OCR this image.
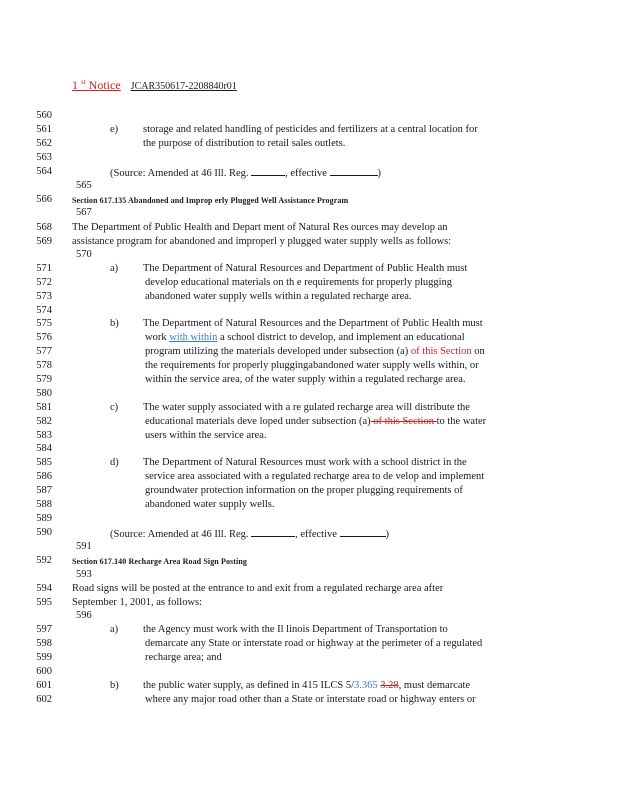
1 $^{st}$ Notice JCAR350617-2208840r01
560
561	e) storage and related handling of pesticides and fertilizers at a central location for
562	the purpose of distribution to retail sales outlets.
563
564	(Source: Amended at 46 Ill. Reg.	, effective	)
565
566	Section 617.135 Abandoned and Improp erly Plugged Well Assistance Program
567
568 The Department of Public Health and Depart ment of Natural Res ources may develop an
569 assistance program for abandoned and improperl y plugged water supply wells as follows:
570
571	a) The Department of Natural Resources and Department of Public Health must
572	develop educational materials on th e requirements for properly plugging
573	abandoned water supply wells within a regulated recharge area.
574
575	b) The Department of Natural Resources and the Department of Public Health must
576	work with within a school district to develop, and implement an educational
577	program utilizing the materials developed under subsection (a) of this Section on
578	the requirements for properly pluggingabandoned water supply wells within, or
579	within the service area, of the water supply within a regulated recharge area.
580
581	c) The water supply associated with a re gulated recharge area will distribute the
582	educational materials deve loped under subsection (a) of this Section to the water
583	users within the service area.
584
585	d) The Department of Natural Resources must work with a school district in the
586	service area associated with a regulated recharge area to de velop and implement
587	groundwater protection information on the proper plugging requirements of
588	abandoned water supply wells.
589
590	(Source: Amended at 46 Ill. Reg.	, effective	)
591
592	Section 617.140 Recharge Area Road Sign Posting
593
594 Road signs will be posted at the entrance to and exit from a regulated recharge area after
595 September 1, 2001, as follows:
596
597	a) the Agency must work with the Il linois Department of Transportation to
598	demarcate any State or interstate road or highway at the perimeter of a regulated
599	recharge area; and
600
601	b) the public water supply, as defined in 415 ILCS 5/3.365 3.28, must demarcate
602	where any major road other than a State or interstate road or highway enters or
